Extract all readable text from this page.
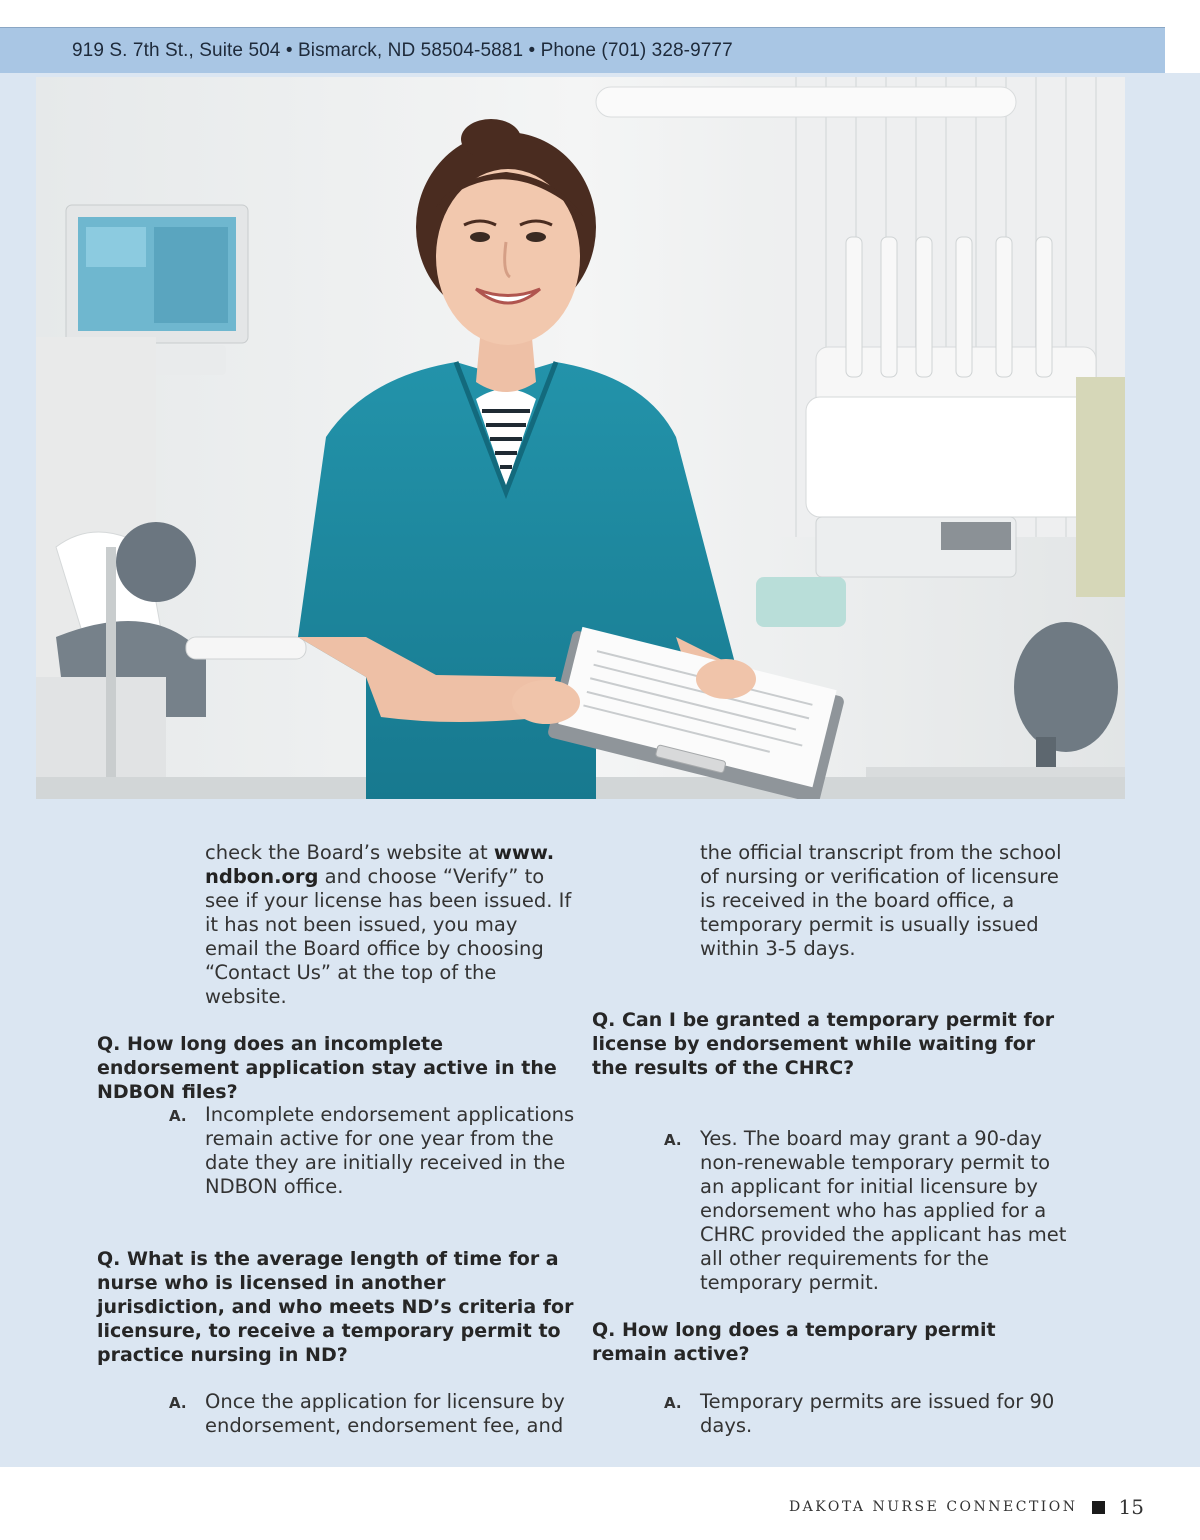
919 S. 7th St., Suite 504 • Bismarck, ND 58504-5881 • Phone (701) 328-9777
check the Board’s website at www. ndbon.org and choose “Verify” to see if your license has been issued. If it has not been issued, you may email the Board office by choosing “Contact Us” at the top of the website.
Q. How long does an incomplete endorsement application stay active in the NDBON files?
A. Incomplete endorsement applications remain active for one year from the date they are initially received in the NDBON office.
Q. What is the average length of time for a nurse who is licensed in another jurisdiction, and who meets ND’s criteria for licensure, to receive a temporary permit to practice nursing in ND?
A. Once the application for licensure by endorsement, endorsement fee, and
the official transcript from the school of nursing or verification of licensure is received in the board office, a temporary permit is usually issued within 3-5 days.
Q. Can I be granted a temporary permit for license by endorsement while waiting for the results of the CHRC?
A. Yes. The board may grant a 90-day non-renewable temporary permit to an applicant for initial licensure by endorsement who has applied for a CHRC provided the applicant has met all other requirements for the temporary permit.
Q. How long does a temporary permit remain active?
A. Temporary permits are issued for 90 days.
DAKOTA NURSE CONNECTION 15
